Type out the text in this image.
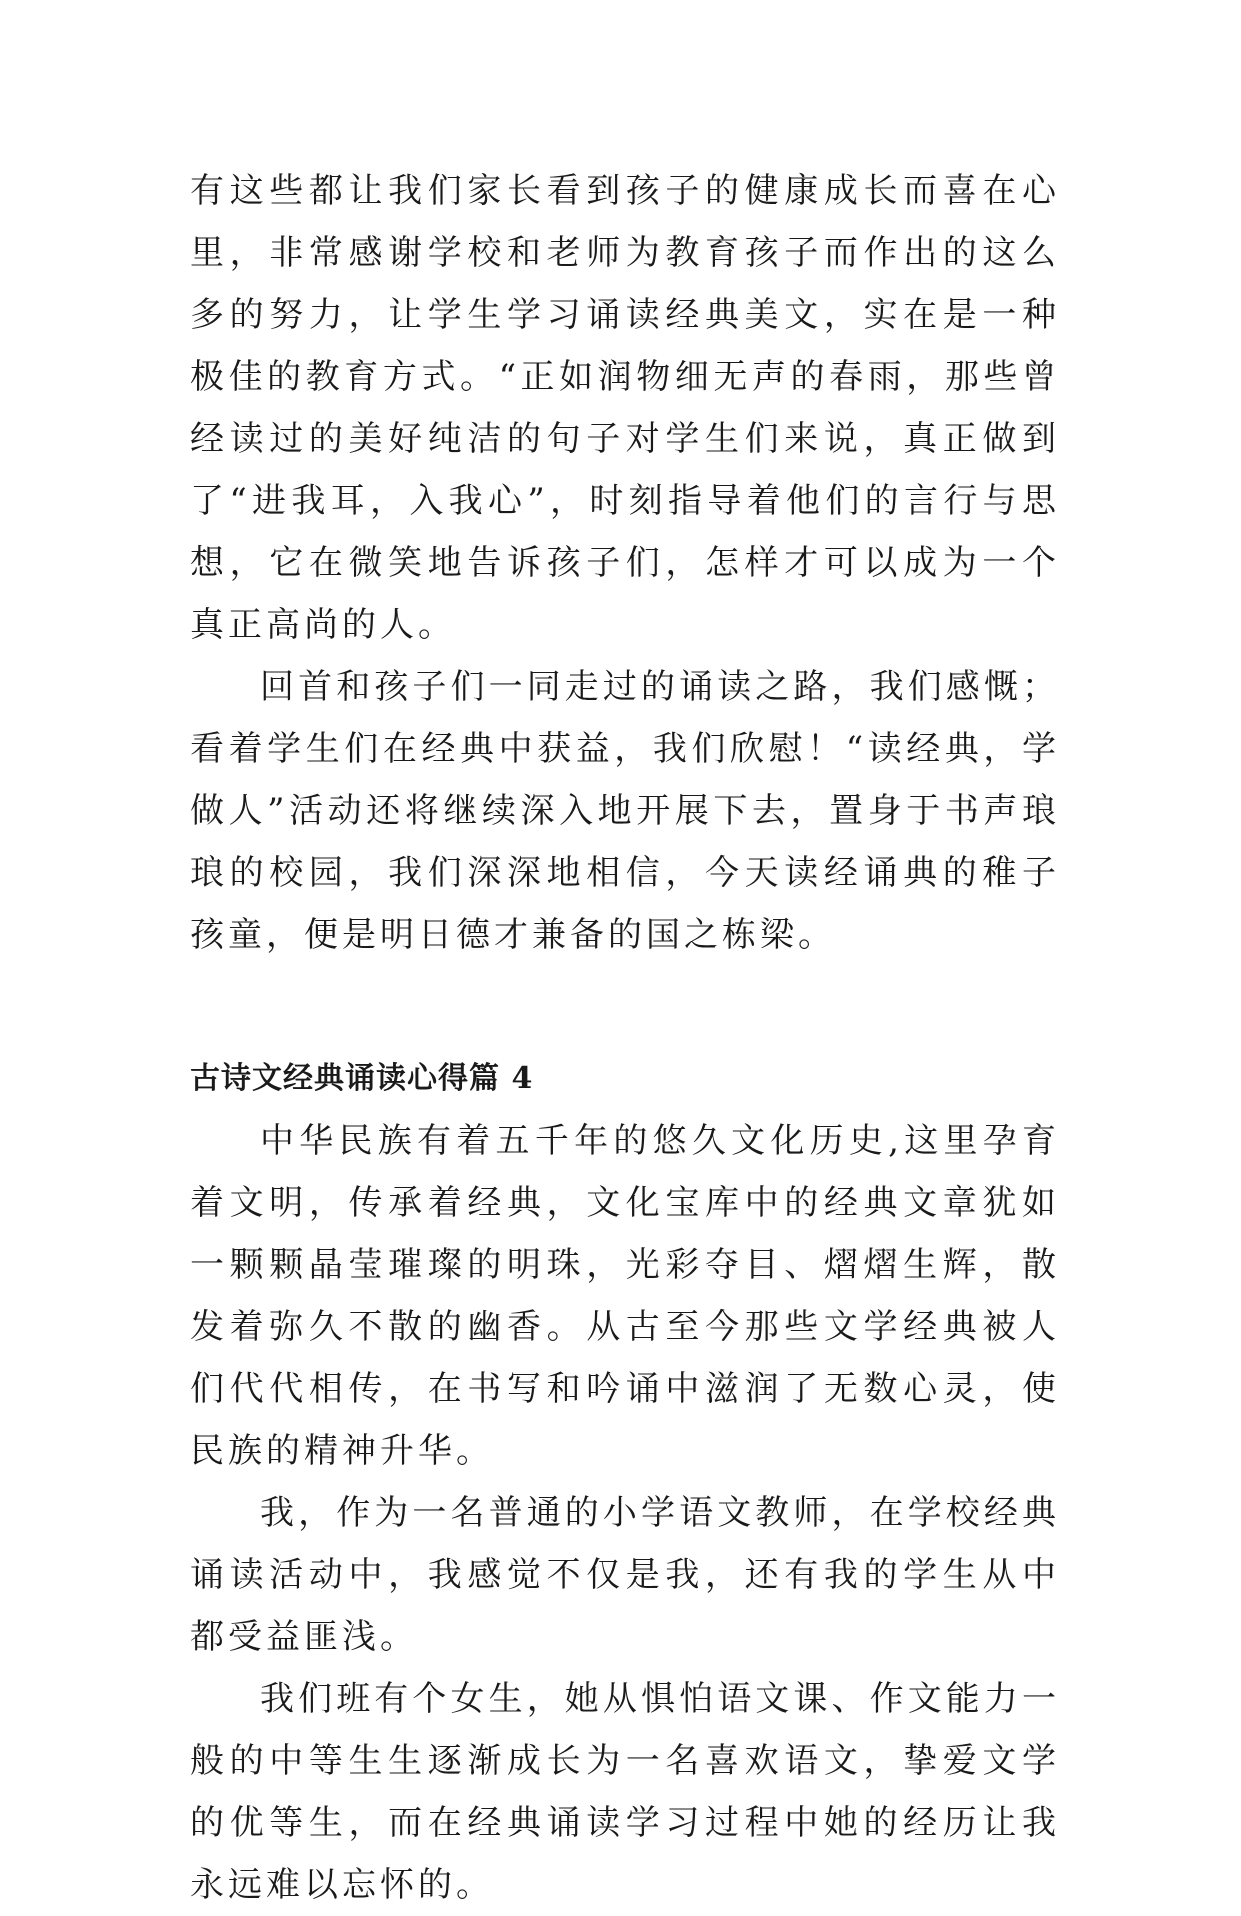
有这些都让我们家长看到孩子的健康成长而喜在心里，非常感谢学校和老师为教育孩子而作出的这么多的努力，让学生学习诵读经典美文，实在是一种极佳的教育方式。“正如润物细无声的春雨，那些曾经读过的美好纯洁的句子对学生们来说，真正做到了“进我耳，入我心”，时刻指导着他们的言行与思想，它在微笑地告诉孩子们，怎样才可以成为一个真正高尚的人。

回首和孩子们一同走过的诵读之路，我们感慨；看着学生们在经典中获益，我们欣慰！“读经典，学做人”活动还将继续深入地开展下去，置身于书声琅琅的校园，我们深深地相信，今天读经诵典的稚子孩童，便是明日德才兼备的国之栋梁。

古诗文经典诵读心得篇 4

中华民族有着五千年的悠久文化历史,这里孕育着文明，传承着经典，文化宝库中的经典文章犹如一颗颗晶莹璀璨的明珠，光彩夺目、熠熠生辉，散发着弥久不散的幽香。从古至今那些文学经典被人们代代相传，在书写和吟诵中滋润了无数心灵，使民族的精神升华。

我，作为一名普通的小学语文教师，在学校经典诵读活动中，我感觉不仅是我，还有我的学生从中都受益匪浅。

我们班有个女生，她从惧怕语文课、作文能力一般的中等生生逐渐成长为一名喜欢语文，挚爱文学的优等生，而在经典诵读学习过程中她的经历让我永远难以忘怀的。
